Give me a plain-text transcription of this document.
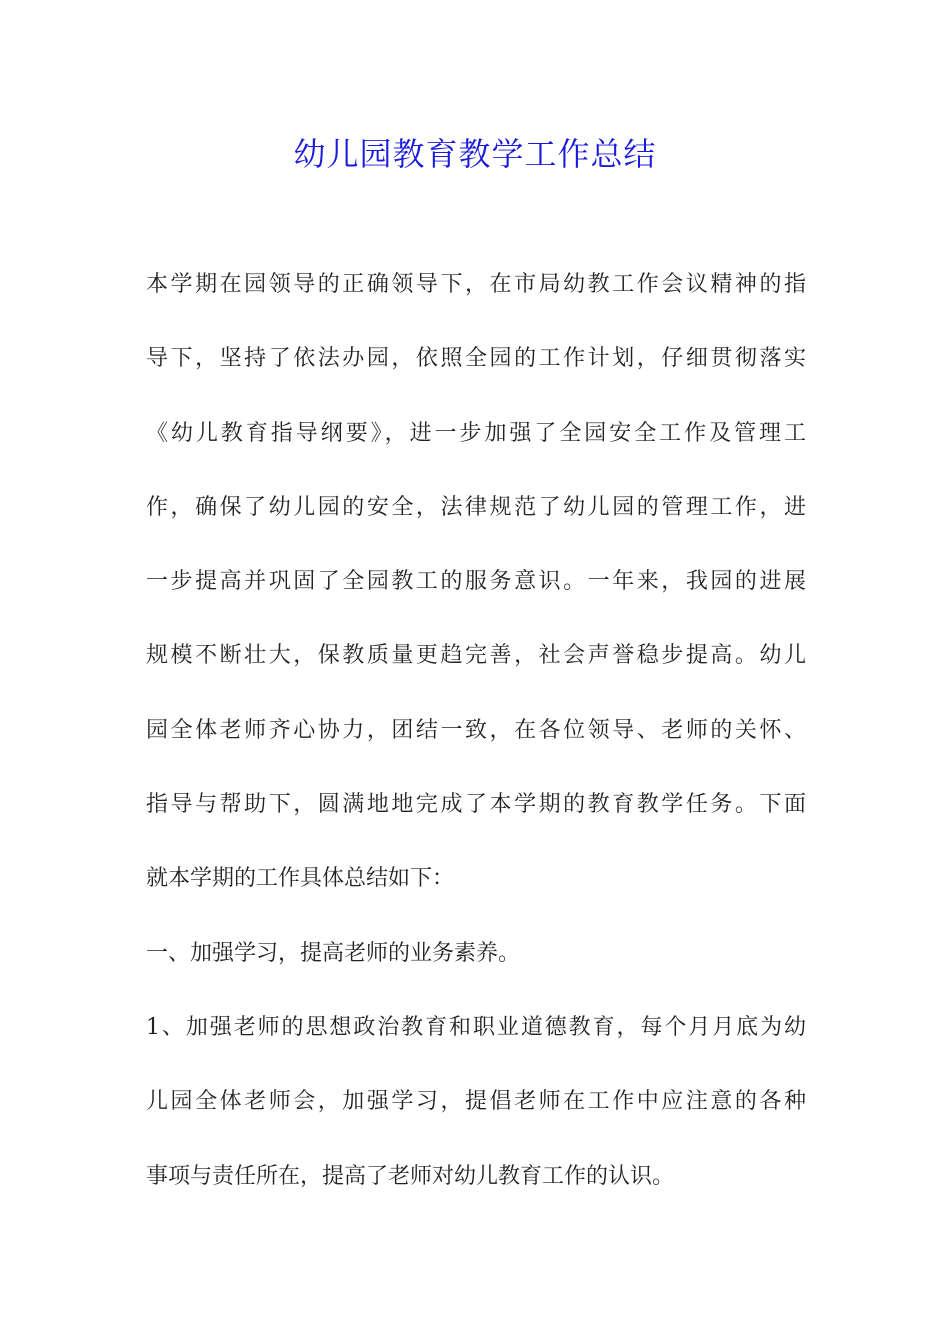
幼儿园教育教学工作总结
本学期在园领导的正确领导下，在市局幼教工作会议精神的指
导下，坚持了依法办园，依照全园的工作计划，仔细贯彻落实
《幼儿教育指导纲要》，进一步加强了全园安全工作及管理工
作，确保了幼儿园的安全，法律规范了幼儿园的管理工作，进
一步提高并巩固了全园教工的服务意识。一年来，我园的进展
规模不断壮大，保教质量更趋完善，社会声誉稳步提高。幼儿
园全体老师齐心协力，团结一致，在各位领导、老师的关怀、
指导与帮助下，圆满地地完成了本学期的教育教学任务。下面
就本学期的工作具体总结如下：
一、加强学习，提高老师的业务素养。
1、加强老师的思想政治教育和职业道德教育，每个月月底为幼
儿园全体老师会，加强学习，提倡老师在工作中应注意的各种
事项与责任所在，提高了老师对幼儿教育工作的认识。
